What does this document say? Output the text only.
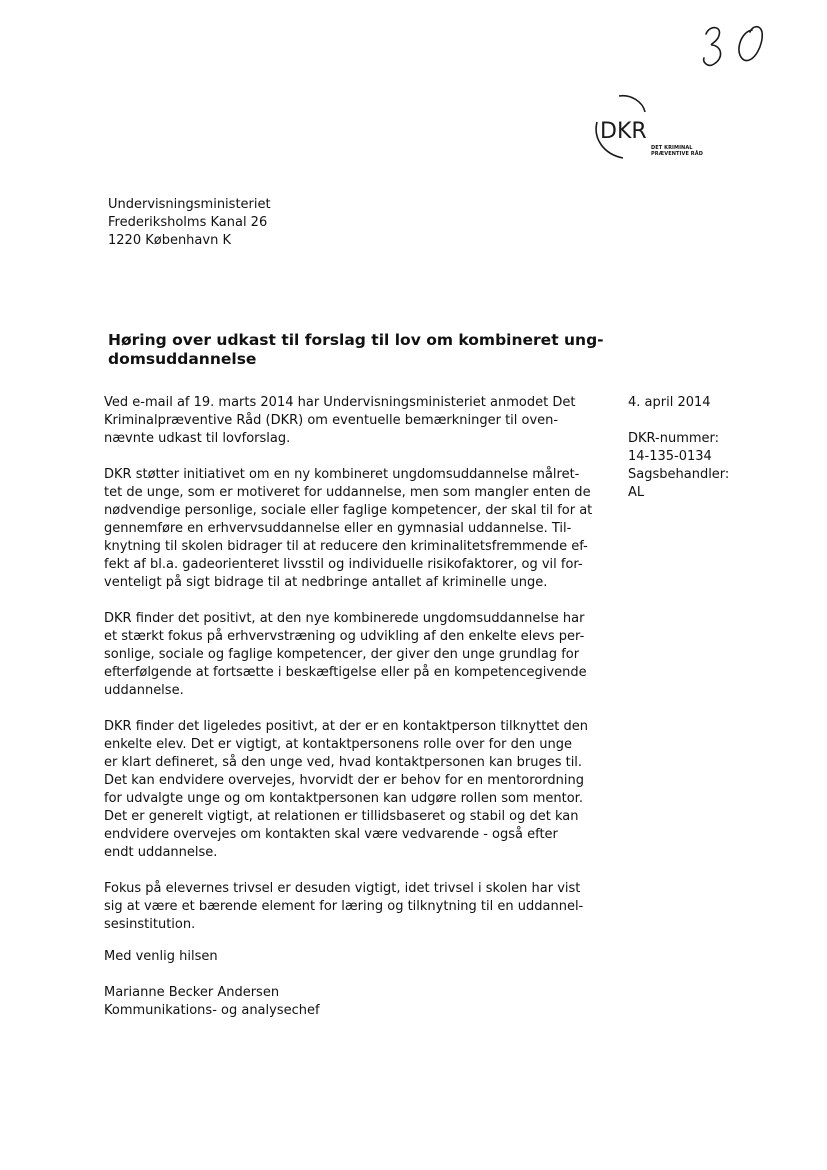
DKR
DET KRIMINAL
PRÆVENTIVE RÅD
Undervisningsministeriet
Frederiksholms Kanal 26
1220 København K
Høring over udkast til forslag til lov om kombineret ung-
domsuddannelse
4. april 2014
DKR-nummer:
14-135-0134
Sagsbehandler:
AL
Ved e-mail af 19. marts 2014 har Undervisningsministeriet anmodet Det
Kriminalpræventive Råd (DKR) om eventuelle bemærkninger til oven-
nævnte udkast til lovforslag.
DKR støtter initiativet om en ny kombineret ungdomsuddannelse målret-
tet de unge, som er motiveret for uddannelse, men som mangler enten de
nødvendige personlige, sociale eller faglige kompetencer, der skal til for at
gennemføre en erhvervsuddannelse eller en gymnasial uddannelse. Til-
knytning til skolen bidrager til at reducere den kriminalitetsfremmende ef-
fekt af bl.a. gadeorienteret livsstil og individuelle risikofaktorer, og vil for-
venteligt på sigt bidrage til at nedbringe antallet af kriminelle unge.
DKR finder det positivt, at den nye kombinerede ungdomsuddannelse har
et stærkt fokus på erhvervstræning og udvikling af den enkelte elevs per-
sonlige, sociale og faglige kompetencer, der giver den unge grundlag for
efterfølgende at fortsætte i beskæftigelse eller på en kompetencegivende
uddannelse.
DKR finder det ligeledes positivt, at der er en kontaktperson tilknyttet den
enkelte elev. Det er vigtigt, at kontaktpersonens rolle over for den unge
er klart defineret, så den unge ved, hvad kontaktpersonen kan bruges til.
Det kan endvidere overvejes, hvorvidt der er behov for en mentorordning
for udvalgte unge og om kontaktpersonen kan udgøre rollen som mentor.
Det er generelt vigtigt, at relationen er tillidsbaseret og stabil og det kan
endvidere overvejes om kontakten skal være vedvarende - også efter
endt uddannelse.
Fokus på elevernes trivsel er desuden vigtigt, idet trivsel i skolen har vist
sig at være et bærende element for læring og tilknytning til en uddannel-
sesinstitution.
Med venlig hilsen
Marianne Becker Andersen
Kommunikations- og analysechef
